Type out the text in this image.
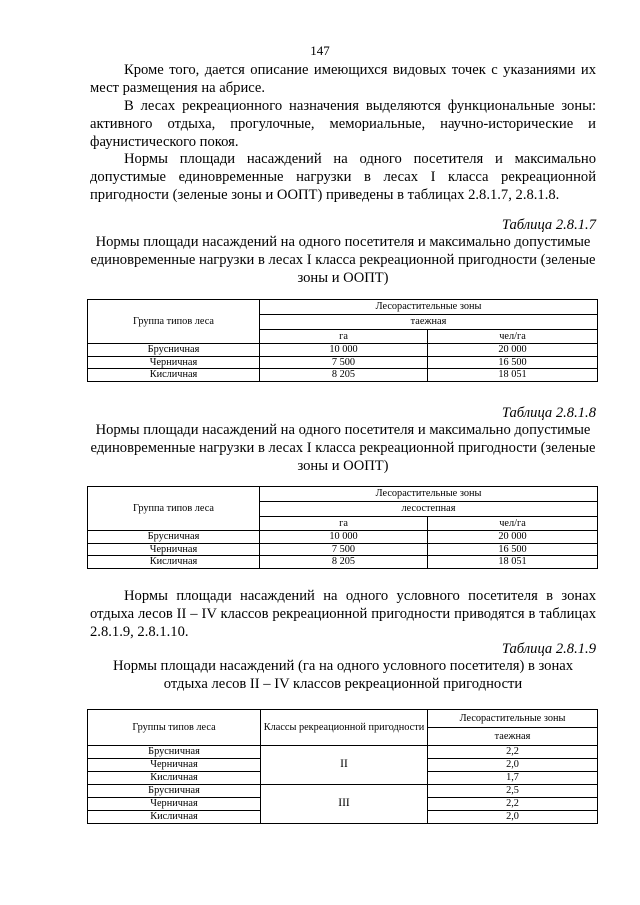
147

Кроме того, дается описание имеющихся видовых точек с указаниями их мест размещения на абрисе.

В лесах рекреационного назначения выделяются функциональные зоны: активного отдыха, прогулочные, мемориальные, научно-исторические и фаунистического покоя.

Нормы площади насаждений на одного посетителя и максимально допустимые единовременные нагрузки в лесах I класса рекреационной пригодности (зеленые зоны и ООПТ) приведены в таблицах 2.8.1.7, 2.8.1.8.

Таблица 2.8.1.7

Нормы площади насаждений на одного посетителя и максимально допустимые единовременные нагрузки в лесах I класса рекреационной пригодности (зеленые зоны и ООПТ)

Группа типов леса	Лесорастительные зоны	
	таежная	
	га	чел/га
Брусничная	10 000	20 000
Черничная	7 500	16 500
Кисличная	8 205	18 051
Таблица 2.8.1.8

Нормы площади насаждений на одного посетителя и максимально допустимые единовременные нагрузки в лесах I класса рекреационной пригодности (зеленые зоны и ООПТ)

Группа типов леса	Лесорастительные зоны	
	лесостепная	
	га	чел/га
Брусничная	10 000	20 000
Черничная	7 500	16 500
Кисличная	8 205	18 051

Нормы площади насаждений на одного условного посетителя в зонах отдыха лесов II – IV классов рекреационной пригодности приводятся в таблицах 2.8.1.9, 2.8.1.10.

Таблица 2.8.1.9

Нормы площади насаждений (га на одного условного посетителя) в зонах отдыха лесов II – IV классов рекреационной пригодности

Группы типов леса	Классы рекреационной пригодности	Лесорастительные зоны
		таежная
Брусничная	II	2,2
Черничная		2,0
Кисличная		1,7
Брусничная	III	2,5
Черничная		2,2
Кисличная		2,0
